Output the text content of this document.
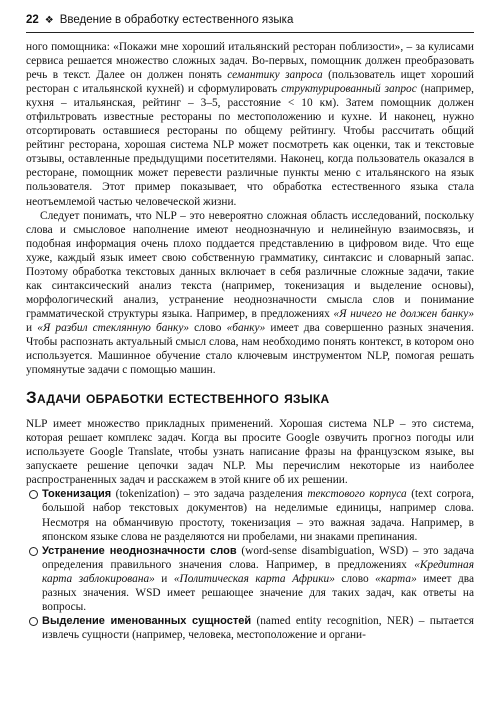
22 ❖ Введение в обработку естественного языка

ного помощника: «Покажи мне хороший итальянский ресторан поблизости», – за кулисами сервиса решается множество сложных задач. Во-первых, помощник должен преобразовать речь в текст. Далее он должен понять семантику запроса (пользователь ищет хороший ресторан с итальянской кухней) и сформулировать структурированный запрос (например, кухня – итальянская, рейтинг – 3–5, расстояние < 10 км). Затем помощник должен отфильтровать известные рестораны по местоположению и кухне. И наконец, нужно отсортировать оставшиеся рестораны по общему рейтингу. Чтобы рассчитать общий рейтинг ресторана, хорошая система NLP может посмотреть как оценки, так и текстовые отзывы, оставленные предыдущими посетителями. Наконец, когда пользователь оказался в ресторане, помощник может перевести различные пункты меню с итальянского на язык пользователя. Этот пример показывает, что обработка естественного языка стала неотъемлемой частью человеческой жизни.

Следует понимать, что NLP – это невероятно сложная область исследований, поскольку слова и смысловое наполнение имеют неоднозначную и нелинейную взаимосвязь, и подобная информация очень плохо поддается представлению в цифровом виде. Что еще хуже, каждый язык имеет свою собственную грамматику, синтаксис и словарный запас. Поэтому обработка текстовых данных включает в себя различные сложные задачи, такие как синтаксический анализ текста (например, токенизация и выделение основы), морфологический анализ, устранение неоднозначности смысла слов и понимание грамматической структуры языка. Например, в предложениях «Я ничего не должен банку» и «Я разбил стеклянную банку» слово «банку» имеет два совершенно разных значения. Чтобы распознать актуальный смысл слова, нам необходимо понять контекст, в котором оно используется. Машинное обучение стало ключевым инструментом NLP, помогая решать упомянутые задачи с помощью машин.

Задачи обработки естественного языка

NLP имеет множество прикладных применений. Хорошая система NLP – это система, которая решает комплекс задач. Когда вы просите Google озвучить прогноз погоды или используете Google Translate, чтобы узнать написание фразы на французском языке, вы запускаете решение цепочки задач NLP. Мы перечислим некоторые из наиболее распространенных задач и расскажем в этой книге об их решении.

Токенизация (tokenization) – это задача разделения текстового корпуса (text corpora, большой набор текстовых документов) на неделимые единицы, например слова. Несмотря на обманчивую простоту, токенизация – это важная задача. Например, в японском языке слова не разделяются ни пробелами, ни знаками препинания.
Устранение неоднозначности слов (word-sense disambiguation, WSD) – это задача определения правильного значения слова. Например, в предложениях «Кредитная карта заблокирована» и «Политическая карта Африки» слово «карта» имеет два разных значения. WSD имеет решающее значение для таких задач, как ответы на вопросы.
Выделение именованных сущностей (named entity recognition, NER) – пытается извлечь сущности (например, человека, местоположение и органи-
